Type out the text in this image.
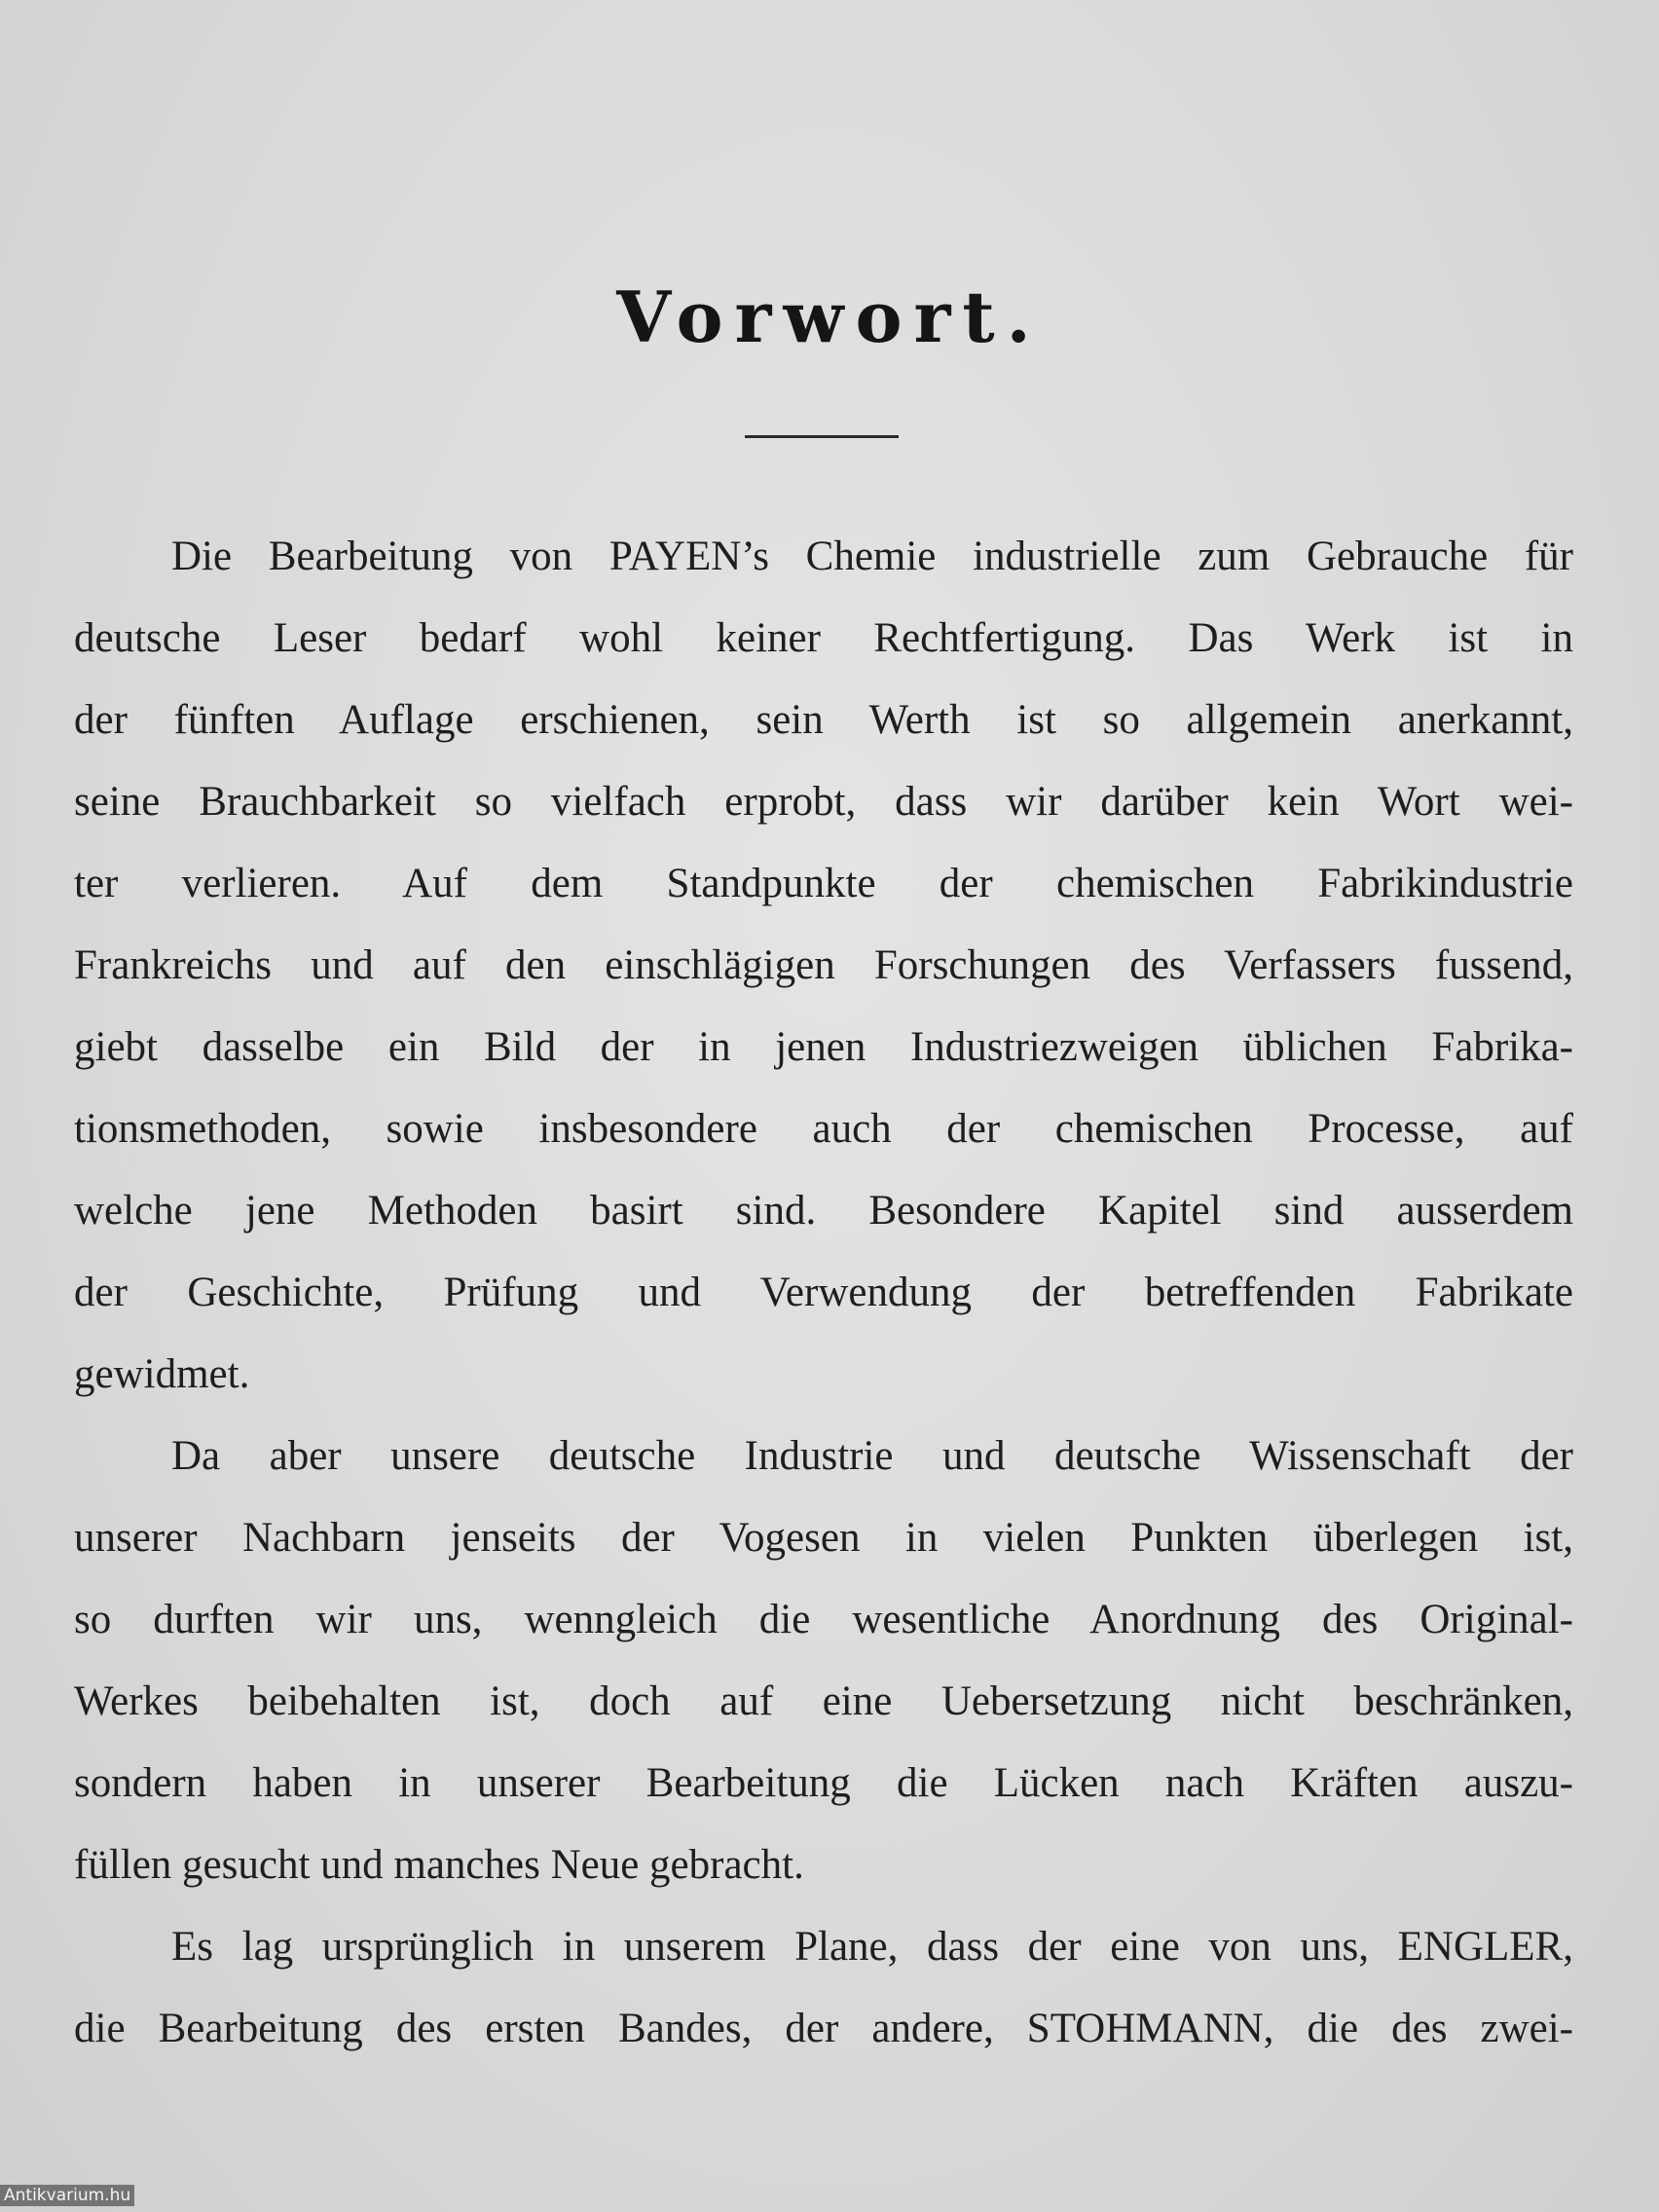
Vorwort.
Die Bearbeitung von PAYEN’s Chemie industrielle zum Gebrauche für
deutsche Leser bedarf wohl keiner Rechtfertigung. Das Werk ist in
der fünften Auflage erschienen, sein Werth ist so allgemein anerkannt,
seine Brauchbarkeit so vielfach erprobt, dass wir darüber kein Wort wei-
ter verlieren. Auf dem Standpunkte der chemischen Fabrikindustrie
Frankreichs und auf den einschlägigen Forschungen des Verfassers fussend,
giebt dasselbe ein Bild der in jenen Industriezweigen üblichen Fabrika-
tionsmethoden, sowie insbesondere auch der chemischen Processe, auf
welche jene Methoden basirt sind. Besondere Kapitel sind ausserdem
der Geschichte, Prüfung und Verwendung der betreffenden Fabrikate
gewidmet.
Da aber unsere deutsche Industrie und deutsche Wissenschaft der
unserer Nachbarn jenseits der Vogesen in vielen Punkten überlegen ist,
so durften wir uns, wenngleich die wesentliche Anordnung des Original-
Werkes beibehalten ist, doch auf eine Uebersetzung nicht beschränken,
sondern haben in unserer Bearbeitung die Lücken nach Kräften auszu-
füllen gesucht und manches Neue gebracht.
Es lag ursprünglich in unserem Plane, dass der eine von uns, ENGLER,
die Bearbeitung des ersten Bandes, der andere, STOHMANN, die des zwei-
Antikvarium.hu
